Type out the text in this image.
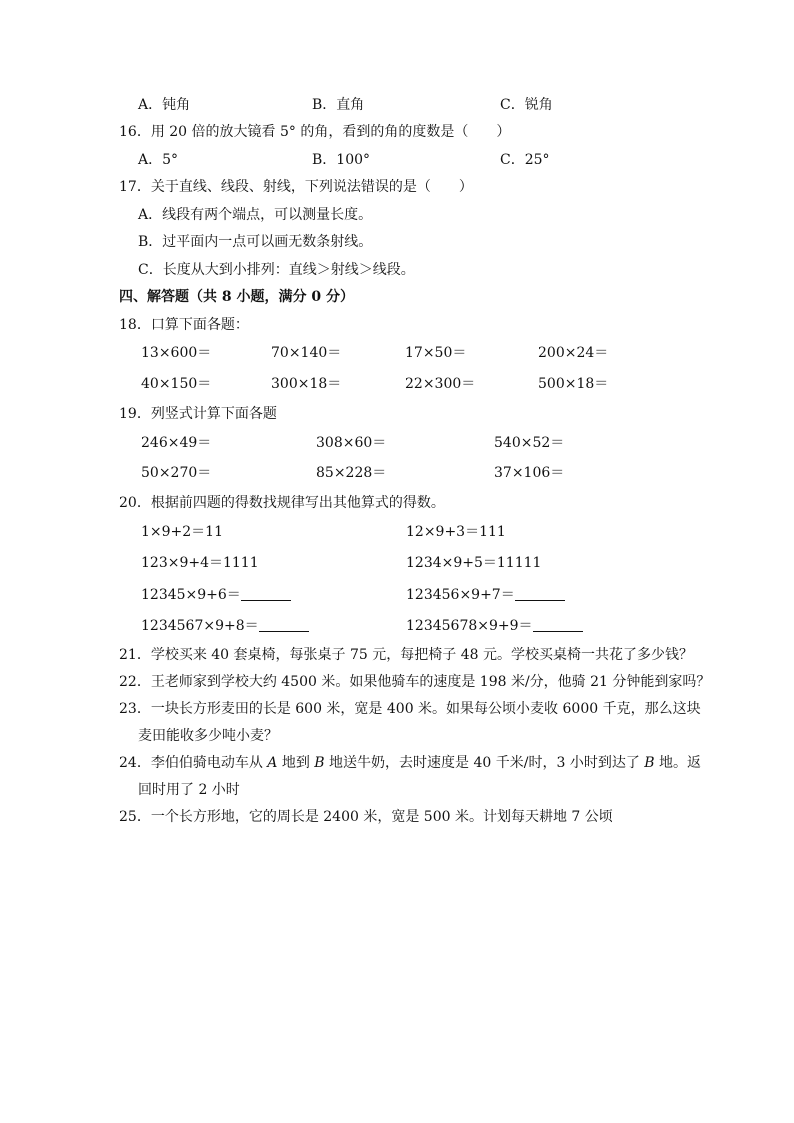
A．钝角	B．直角	C．锐角
16．用 20 倍的放大镜看 5° 的角，看到的角的度数是（　　）
A．5°	B．100°	C．25°
17．关于直线、线段、射线，下列说法错误的是（　　）
A．线段有两个端点，可以测量长度。
B．过平面内一点可以画无数条射线。
C．长度从大到小排列：直线＞射线＞线段。
四、解答题（共 8 小题，满分 0 分）
18．口算下面各题：
13×600＝	70×140＝	17×50＝	200×24＝
40×150＝	300×18＝	22×300＝	500×18＝
19．列竖式计算下面各题
246×49＝	308×60＝	540×52＝
50×270＝	85×228＝	37×106＝
20．根据前四题的得数找规律写出其他算式的得数。
1×9+2＝11	12×9+3＝111
123×9+4＝1111	1234×9+5＝11111
12345×9+6＝	123456×9+7＝
1234567×9+8＝	12345678×9+9＝
21．学校买来 40 套桌椅，每张桌子 75 元，每把椅子 48 元。学校买桌椅一共花了多少钱？
22．王老师家到学校大约 4500 米。如果他骑车的速度是 198 米/分，他骑 21 分钟能到家吗？
23．一块长方形麦田的长是 600 米，宽是 400 米。如果每公顷小麦收 6000 千克，那么这块
麦田能收多少吨小麦？
24．李伯伯骑电动车从 A 地到 B 地送牛奶，去时速度是 40 千米/时，3 小时到达了 B 地。返
回时用了 2 小时
25．一个长方形地，它的周长是 2400 米，宽是 500 米。计划每天耕地 7 公顷
